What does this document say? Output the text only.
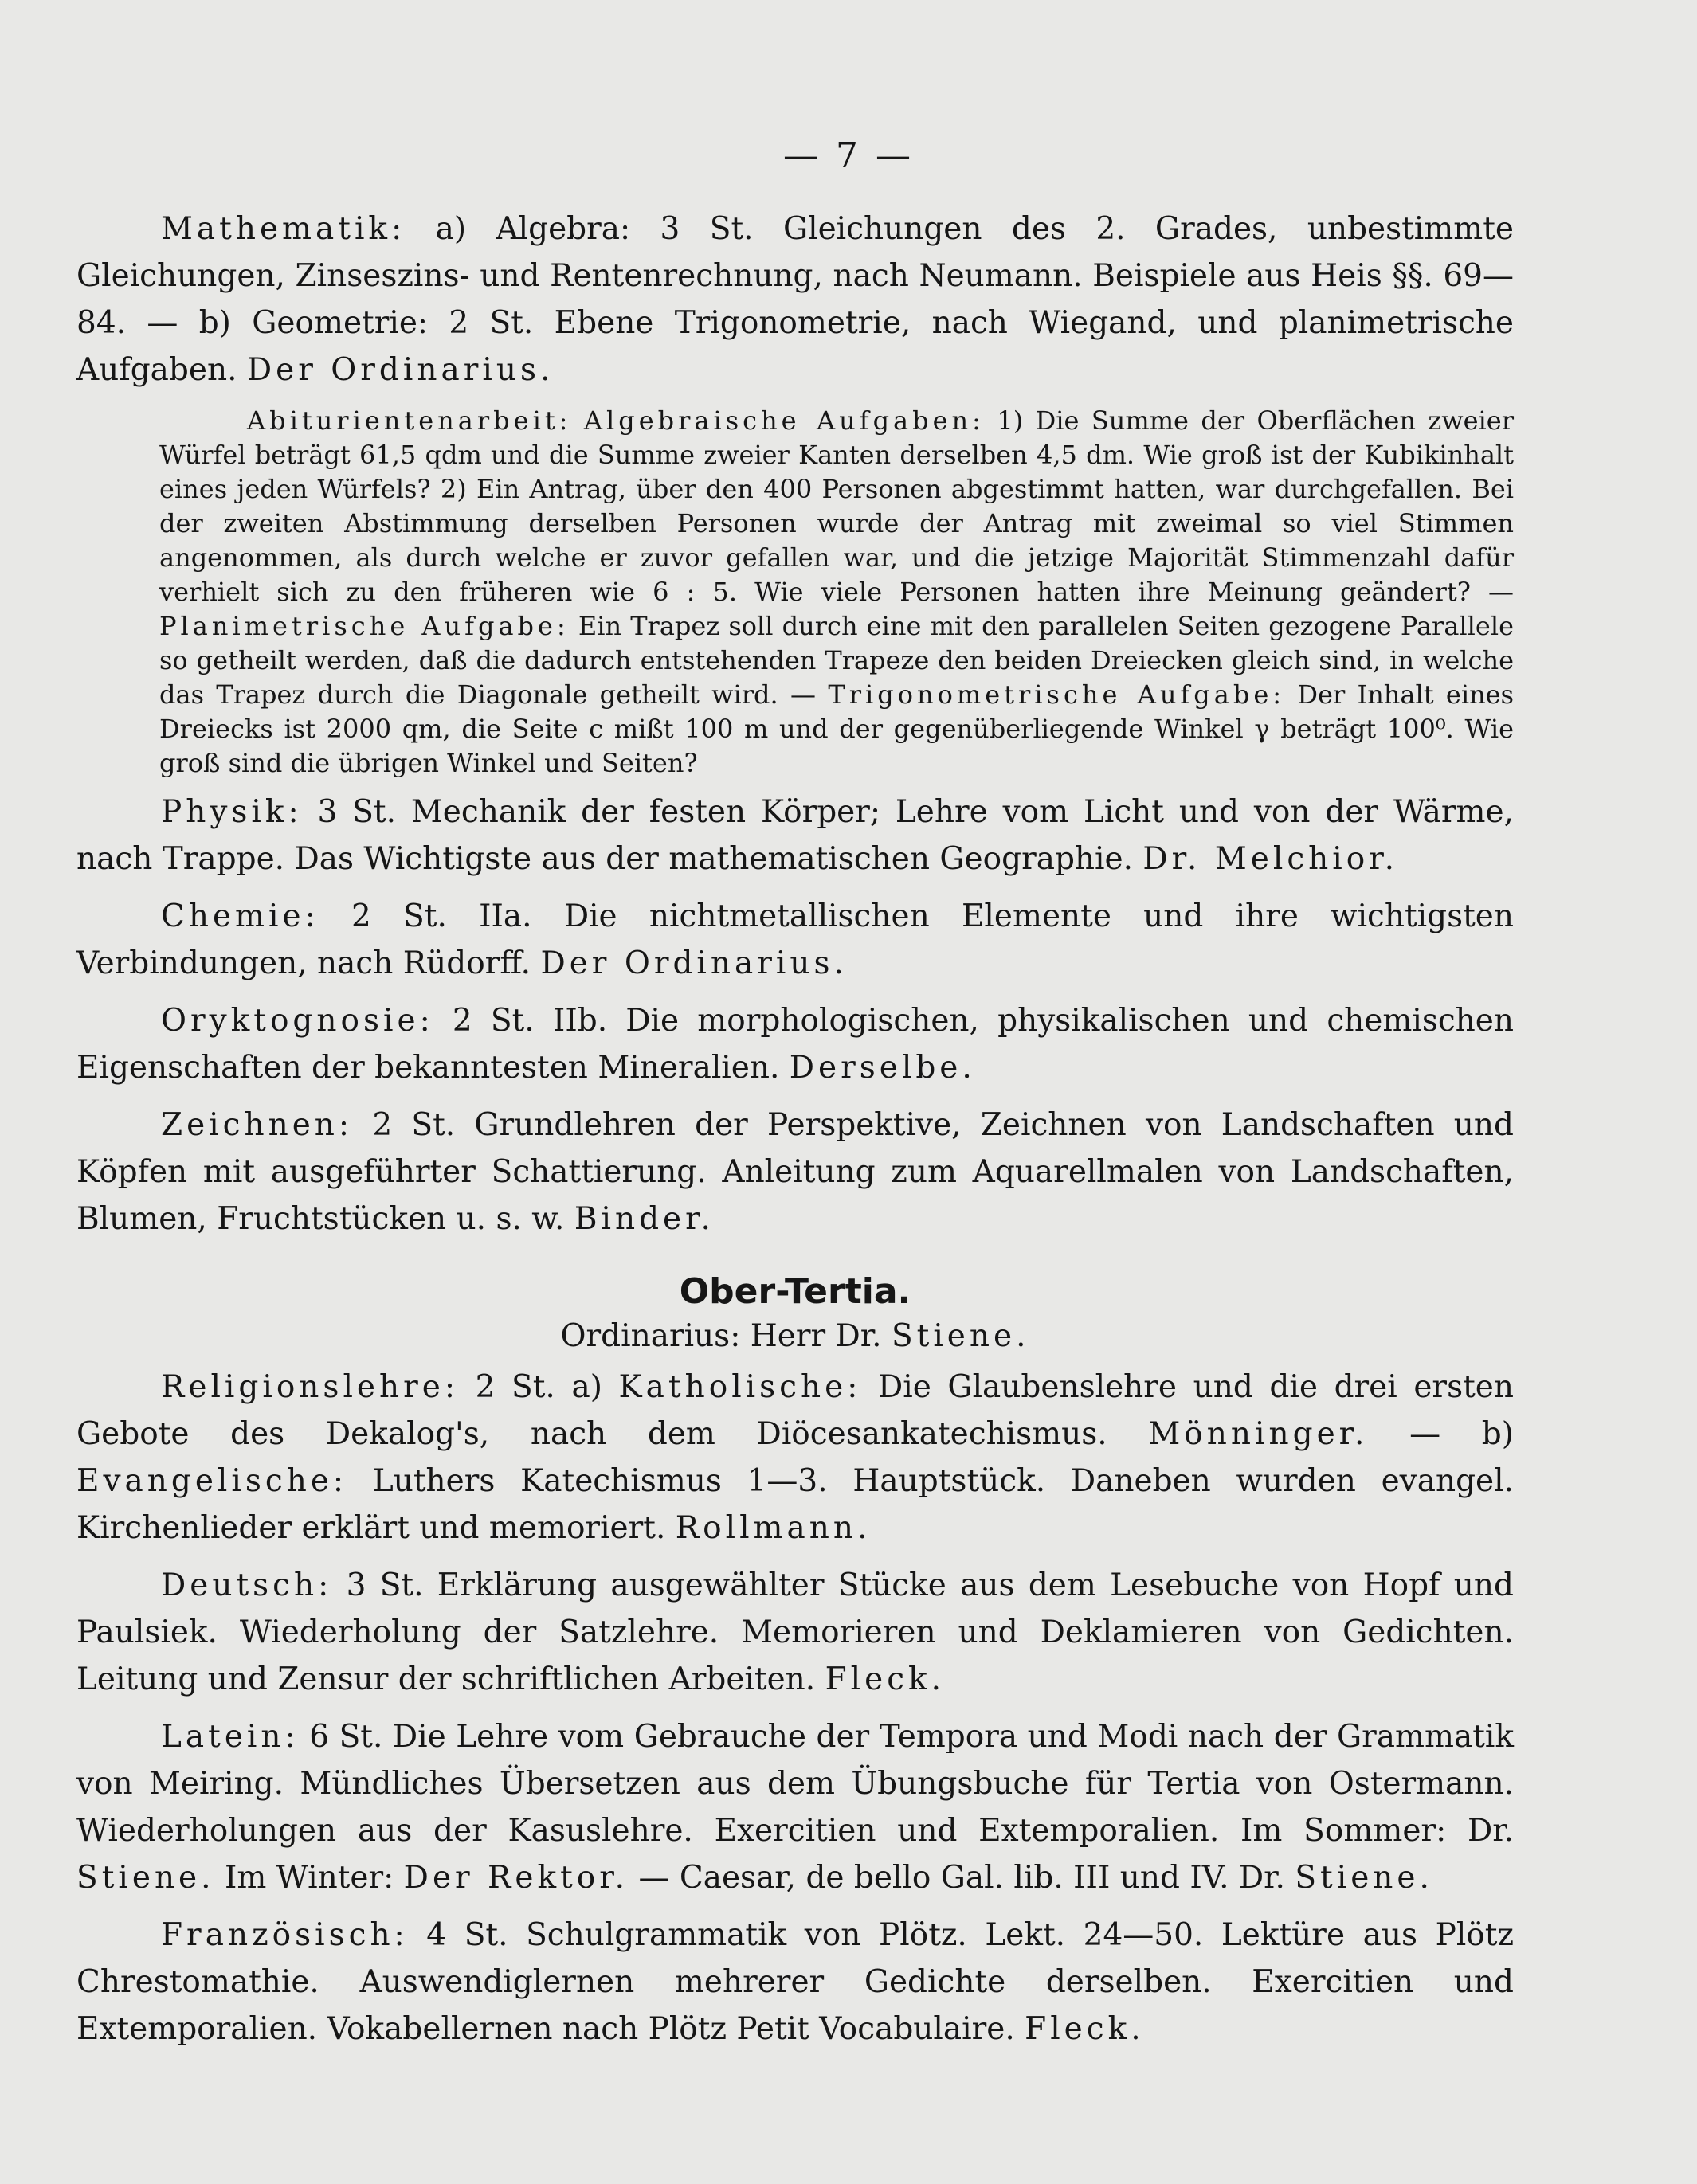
— 7 —

Mathematik: a) Algebra: 3 St. Gleichungen des 2. Grades, unbestimmte Gleichungen, Zinseszins- und Rentenrechnung, nach Neumann. Beispiele aus Heis §§. 69—84. — b) Geometrie: 2 St. Ebene Trigonometrie, nach Wiegand, und planimetrische Aufgaben. Der Ordinarius.

Abiturientenarbeit: Algebraische Aufgaben: 1) Die Summe der Oberflächen zweier Würfel beträgt 61,5 qdm und die Summe zweier Kanten derselben 4,5 dm. Wie groß ist der Kubikinhalt eines jeden Würfels? 2) Ein Antrag, über den 400 Personen abgestimmt hatten, war durchgefallen. Bei der zweiten Abstimmung derselben Personen wurde der Antrag mit zweimal so viel Stimmen angenommen, als durch welche er zuvor gefallen war, und die jetzige Majorität Stimmenzahl dafür verhielt sich zu den früheren wie 6 : 5. Wie viele Personen hatten ihre Meinung geändert? — Planimetrische Aufgabe: Ein Trapez soll durch eine mit den parallelen Seiten gezogene Parallele so getheilt werden, daß die dadurch entstehenden Trapeze den beiden Dreiecken gleich sind, in welche das Trapez durch die Diagonale getheilt wird. — Trigonometrische Aufgabe: Der Inhalt eines Dreiecks ist 2000 qm, die Seite c mißt 100 m und der gegenüberliegende Winkel γ beträgt 100⁰. Wie groß sind die übrigen Winkel und Seiten?

Physik: 3 St. Mechanik der festen Körper; Lehre vom Licht und von der Wärme, nach Trappe. Das Wichtigste aus der mathematischen Geographie. Dr. Melchior.

Chemie: 2 St. IIa. Die nichtmetallischen Elemente und ihre wichtigsten Verbindungen, nach Rüdorff. Der Ordinarius.

Oryktognosie: 2 St. IIb. Die morphologischen, physikalischen und chemischen Eigenschaften der bekanntesten Mineralien. Derselbe.

Zeichnen: 2 St. Grundlehren der Perspektive, Zeichnen von Landschaften und Köpfen mit ausgeführter Schattierung. Anleitung zum Aquarellmalen von Landschaften, Blumen, Fruchtstücken u. s. w. Binder.

Ober-Tertia.
Ordinarius: Herr Dr. Stiene.

Religionslehre: 2 St. a) Katholische: Die Glaubenslehre und die drei ersten Gebote des Dekalog's, nach dem Diöcesankatechismus. Mönninger. — b) Evangelische: Luthers Katechismus 1—3. Hauptstück. Daneben wurden evangel. Kirchenlieder erklärt und memoriert. Rollmann.

Deutsch: 3 St. Erklärung ausgewählter Stücke aus dem Lesebuche von Hopf und Paulsiek. Wiederholung der Satzlehre. Memorieren und Deklamieren von Gedichten. Leitung und Zensur der schriftlichen Arbeiten. Fleck.

Latein: 6 St. Die Lehre vom Gebrauche der Tempora und Modi nach der Grammatik von Meiring. Mündliches Übersetzen aus dem Übungsbuche für Tertia von Ostermann. Wiederholungen aus der Kasuslehre. Exercitien und Extemporalien. Im Sommer: Dr. Stiene. Im Winter: Der Rektor. — Caesar, de bello Gal. lib. III und IV. Dr. Stiene.

Französisch: 4 St. Schulgrammatik von Plötz. Lekt. 24—50. Lektüre aus Plötz Chrestomathie. Auswendiglernen mehrerer Gedichte derselben. Exercitien und Extemporalien. Vokabellernen nach Plötz Petit Vocabulaire. Fleck.
